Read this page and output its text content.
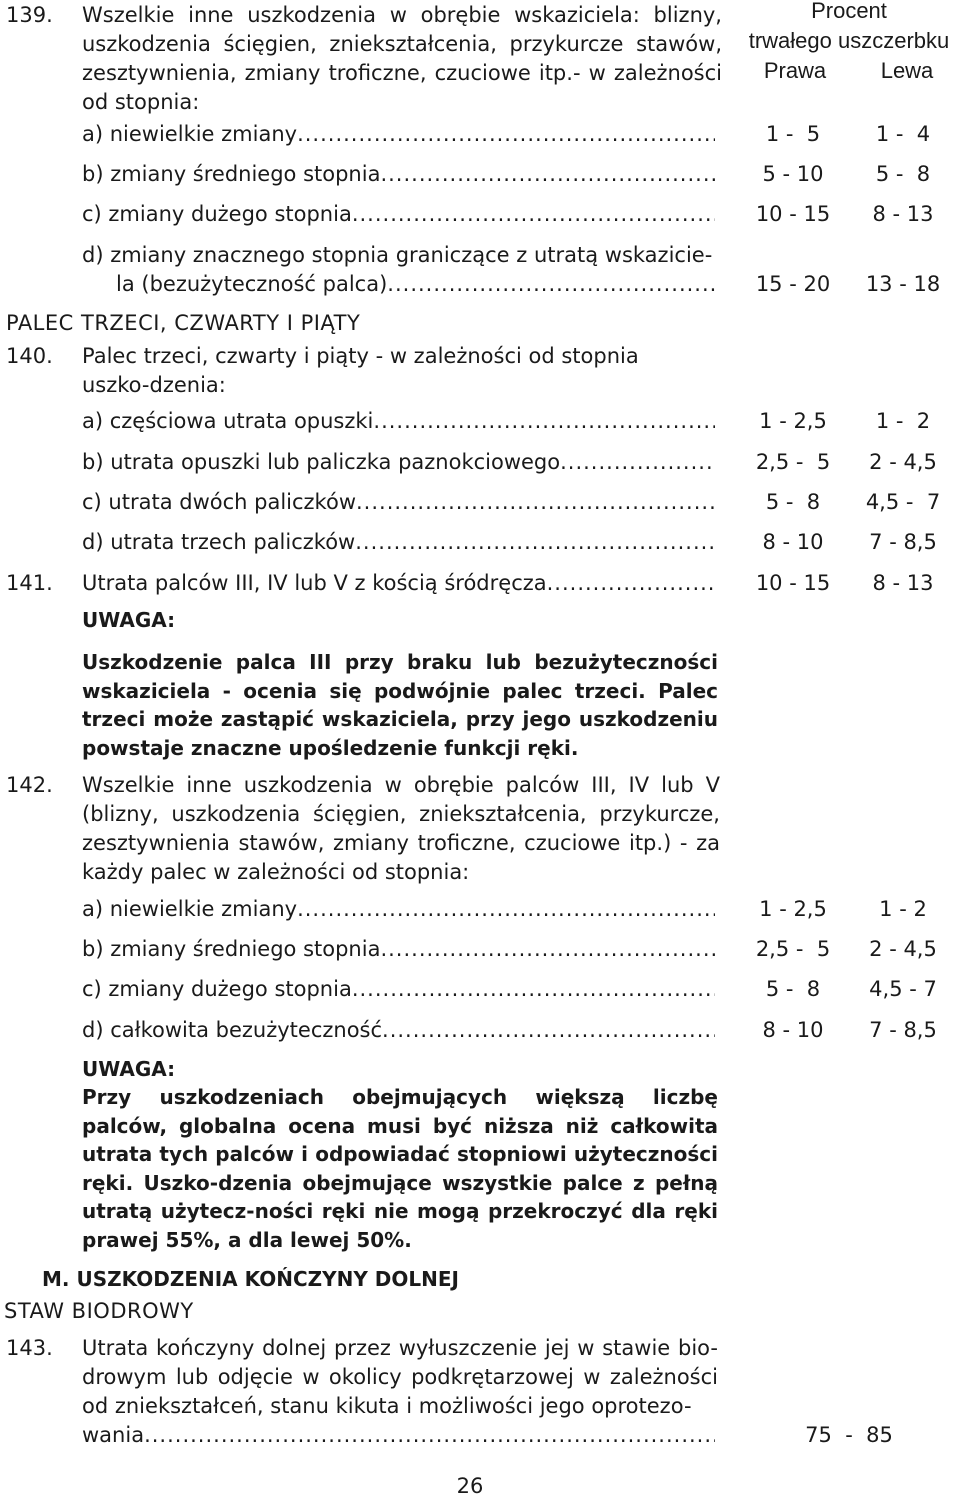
Procent
trwałego uszczerbku
Prawa	Lewa
139. Wszelkie inne uszkodzenia w obrębie wskaziciela: blizny, uszkodzenia ścięgien, zniekształcenia, przykurcze stawów, zesztywnienia, zmiany troficzne, czuciowe itp.- w zależności od stopnia:
a) niewielkie zmiany .....	1 -  5	1 -  4
b) zmiany średniego stopnia .....	5 - 10	5 -  8
c) zmiany dużego stopnia .....	10 - 15	8 - 13
d) zmiany znacznego stopnia graniczące z utratą wskazicie-
la (bezużyteczność palca) .....	15 - 20	13 - 18
PALEC TRZECI, CZWARTY I PIĄTY
140. Palec trzeci, czwarty i piąty - w zależności od stopnia uszko-dzenia:
a) częściowa utrata opuszki .....	1 - 2,5	1 -  2
b) utrata opuszki lub paliczka paznokciowego .....	2,5 -  5	2 - 4,5
c) utrata dwóch paliczków .....	5 -  8	4,5 -  7
d) utrata trzech paliczków .....	8 - 10	7 - 8,5
141. Utrata palców III, IV lub V z kością śródręcza .....	10 - 15	8 - 13
UWAGA:
Uszkodzenie palca III przy braku lub bezużyteczności wskaziciela - ocenia się podwójnie palec trzeci. Palec trzeci może zastąpić wskaziciela, przy jego uszkodzeniu powstaje znaczne upośledzenie funkcji ręki.
142. Wszelkie inne uszkodzenia w obrębie palców III, IV lub V (blizny, uszkodzenia ścięgien, zniekształcenia, przykurcze, zesztywnienia stawów, zmiany troficzne, czuciowe itp.) - za każdy palec w zależności od stopnia:
a) niewielkie zmiany .....	1 - 2,5	1 - 2
b) zmiany średniego stopnia .....	2,5 -  5	2 - 4,5
c) zmiany dużego stopnia .....	5 -  8	4,5 - 7
d) całkowita bezużyteczność .....	8 - 10	7 - 8,5
UWAGA:
Przy uszkodzeniach obejmujących większą liczbę palców, globalna ocena musi być niższa niż całkowita utrata tych palców i odpowiadać stopniowi użyteczności ręki. Uszko-dzenia obejmujące wszystkie palce z pełną utratą użytecz-ności ręki nie mogą przekroczyć dla ręki prawej 55%, a dla lewej 50%.
M. USZKODZENIA KOŃCZYNY DOLNEJ
STAW BIODROWY
143. Utrata kończyny dolnej przez wyłuszczenie jej w stawie bio-drowym lub odjęcie w okolicy podkrętarzowej w zależności od zniekształceń, stanu kikuta i możliwości jego oprotezo-
wania .....	75  -  85
26
